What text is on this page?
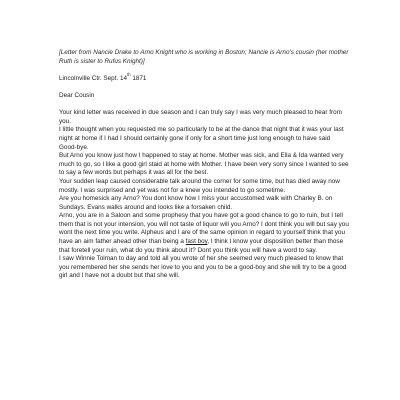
[Letter from Nancie Drake to Arno Knight who is working in Boston; Nancie is Arno's cousin (her mother Ruth is sister to Rufus Knight)]

Lincolnville Ctr. Sept. 14th 1871

Dear Cousin

Your kind letter was received in due season and I can truly say I was very much pleased to hear from you.

I little thought when you requested me so particularly to be at the dance that night that it was your last night at home if I had I should certainly gone if only for a short time just long enough to have said Good-bye.

But Arno you know just how I happened to stay at home. Mother was sick, and Ella & Ida wanted very much to go, so I like a good girl staid at home with Mother. I have been very sorry since I wanted to see to say a few words but perhaps it was all for the best.

Your sudden leap caused considerable talk around the corner for some time, but has died away now mostly. I was surprised and yet was not for a knew you intended to go sometime.

Are you homesick any Arno? You dont know how I miss your accustomed walk with Charley B. on Sundays. Evans walks around and looks like a forsaken child.

Arno, you are in a Saloon and some prophesy that you have got a good chance to go to ruin, but I tell them that is not your intension, you will not taste of liquor will you Arno? I dont think you will but say you wont the next time you write. Alpheus and I are of the same opinion in regard to yourself think that you have an aim father ahead other than being a fast boy, I think I know your disposition better than those that foretell your ruin, what do you think about it? Dont you think you will have a word to say.

I saw Winnie Tolman to day and told all you wrote of her she seemed very much pleased to know that you remembered her she sends her love to you and you to be a good-boy and she will try to be a good girl and I have not a doubt but that she will.
